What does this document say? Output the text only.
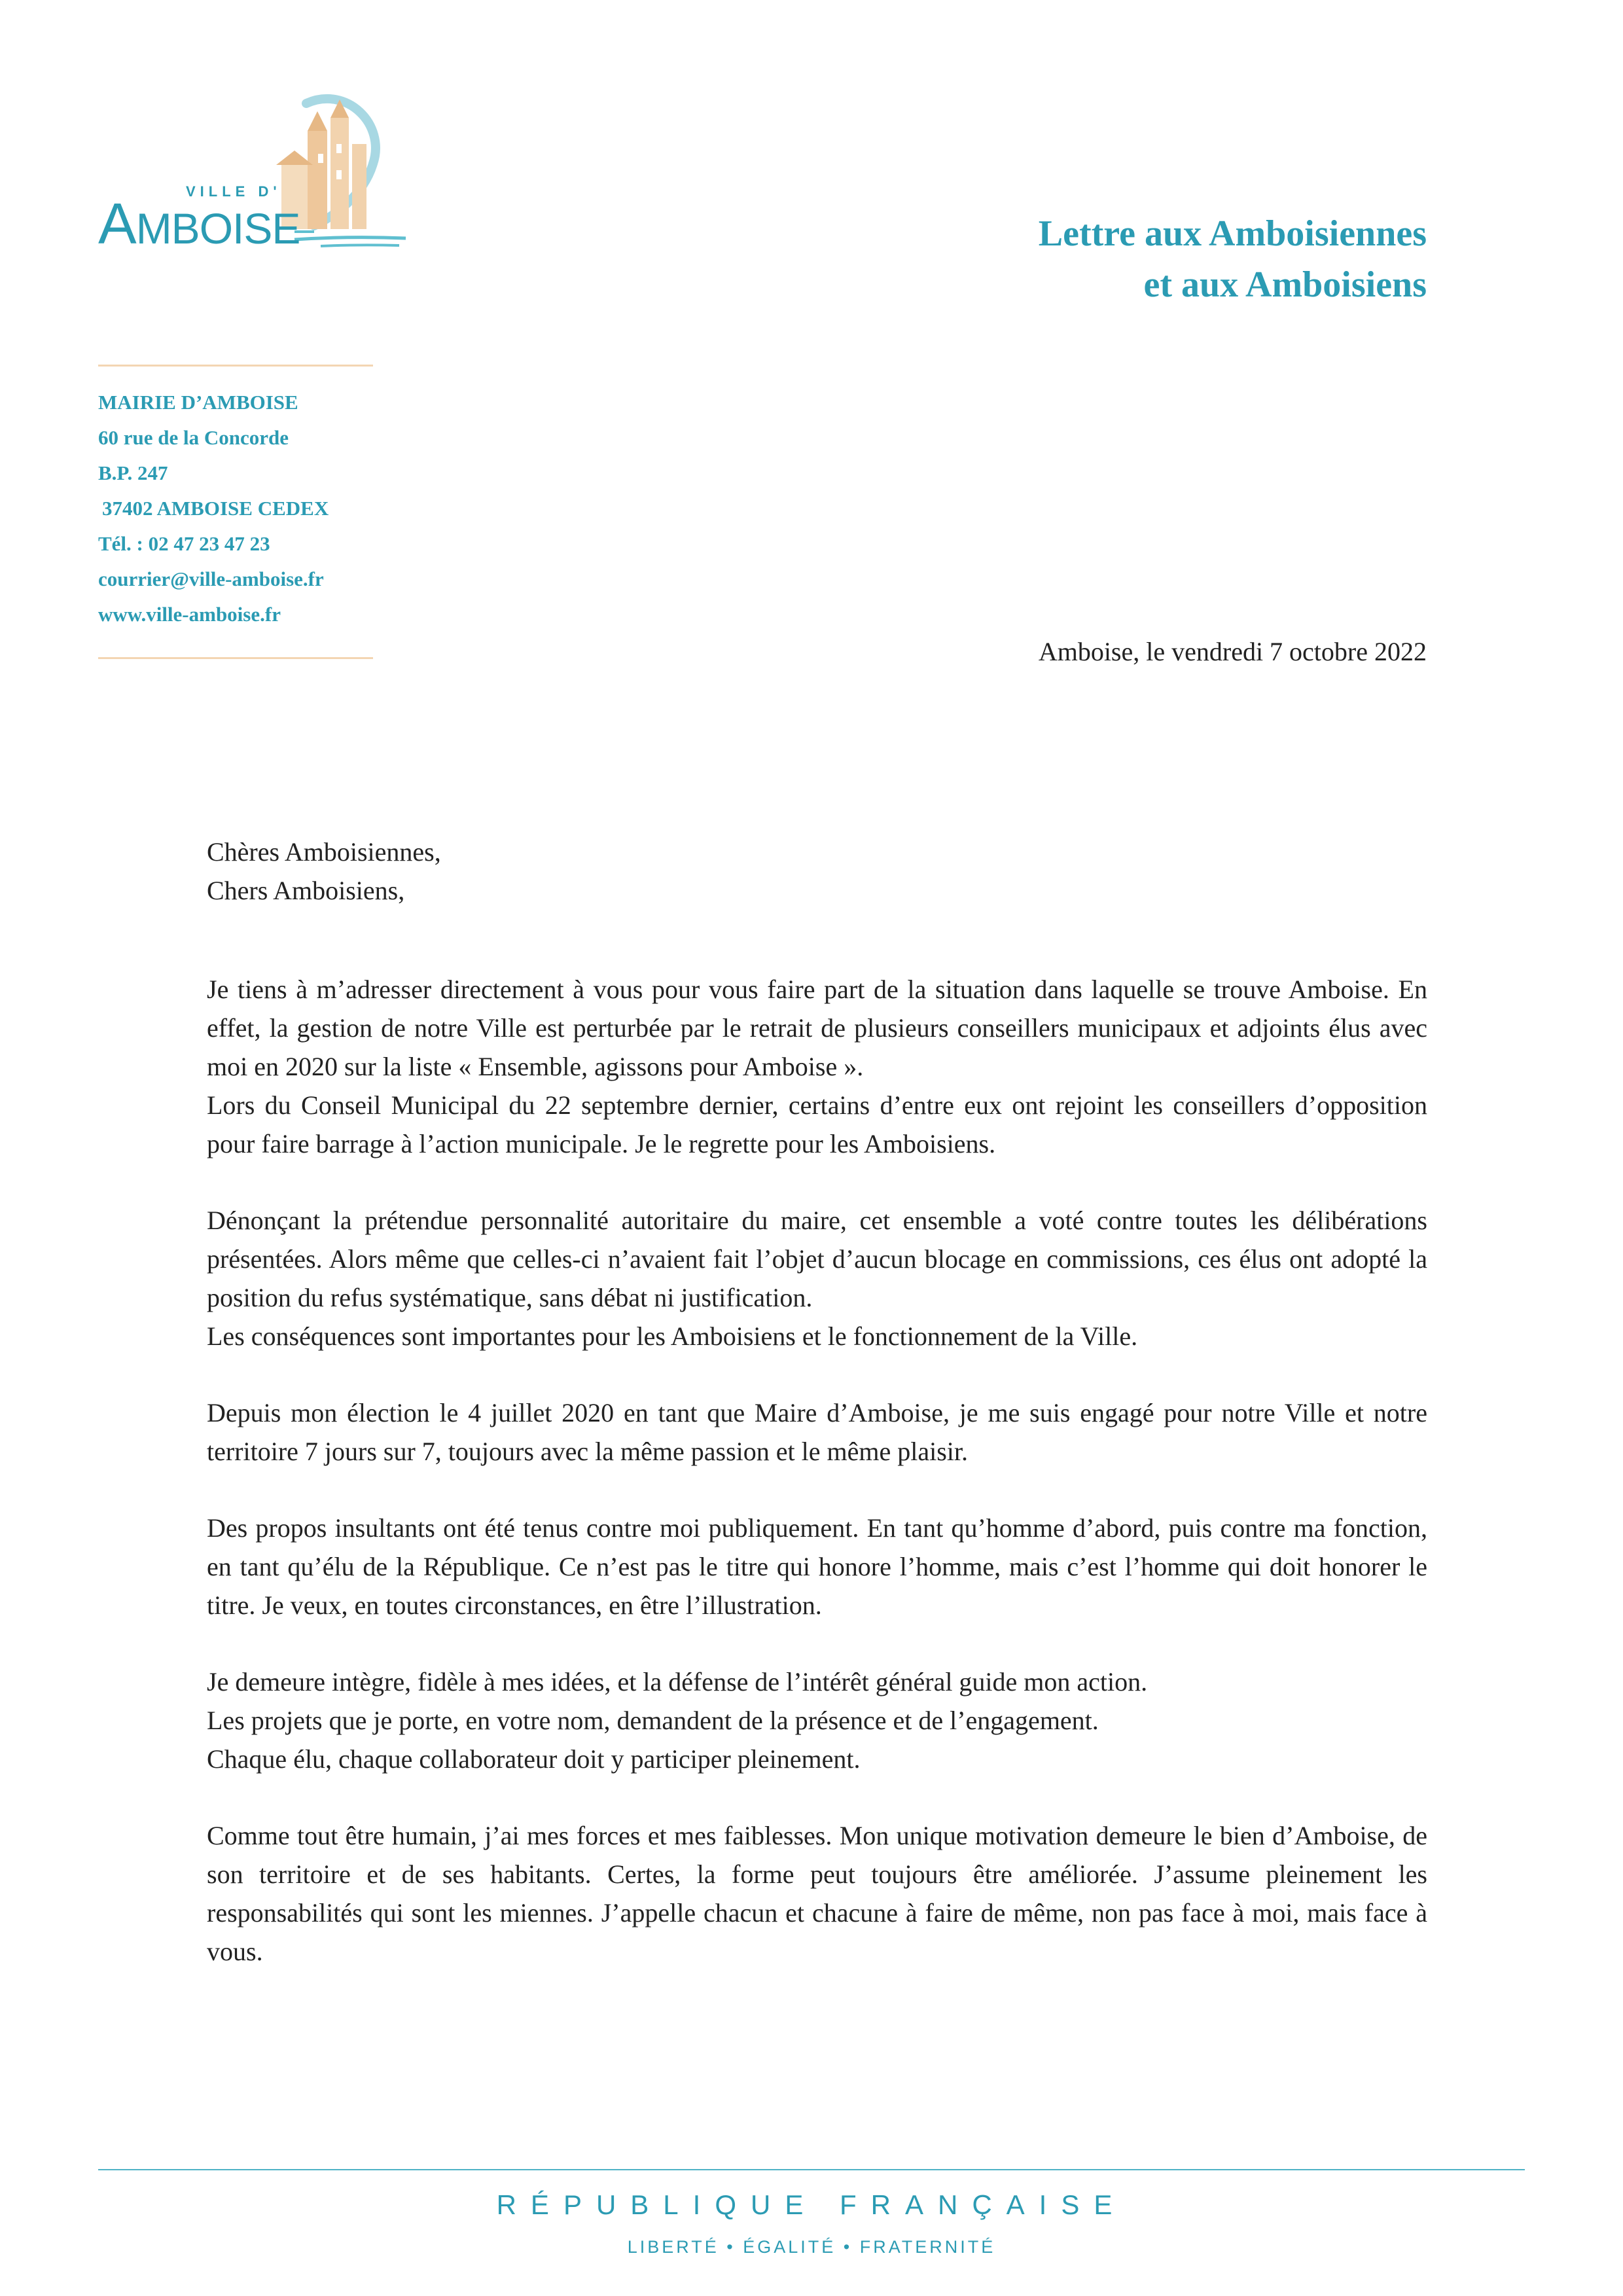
VILLE D'
AMBOISE	Lettre aux Amboisiennes
et aux Amboisiens
MAIRIE D’AMBOISE
60 rue de la Concorde
B.P. 247
37402 AMBOISE CEDEX
Tél. : 02 47 23 47 23
courrier@ville-amboise.fr
www.ville-amboise.fr
Amboise, le vendredi 7 octobre 2022
Chères Amboisiennes,
Chers Amboisiens,

Je tiens à m’adresser directement à vous pour vous faire part de la situation dans laquelle se trouve Amboise. En effet, la gestion de notre Ville est perturbée par le retrait de plusieurs conseillers municipaux et adjoints élus avec moi en 2020 sur la liste « Ensemble, agissons pour Amboise ».
Lors du Conseil Municipal du 22 septembre dernier, certains d’entre eux ont rejoint les conseillers d’opposition pour faire barrage à l’action municipale. Je le regrette pour les Amboisiens.

Dénonçant la prétendue personnalité autoritaire du maire, cet ensemble a voté contre toutes les délibérations présentées. Alors même que celles-ci n’avaient fait l’objet d’aucun blocage en commissions, ces élus ont adopté la position du refus systématique, sans débat ni justification.
Les conséquences sont importantes pour les Amboisiens et le fonctionnement de la Ville.

Depuis mon élection le 4 juillet 2020 en tant que Maire d’Amboise, je me suis engagé pour notre Ville et notre territoire 7 jours sur 7, toujours avec la même passion et le même plaisir.

Des propos insultants ont été tenus contre moi publiquement. En tant qu’homme d’abord, puis contre ma fonction, en tant qu’élu de la République. Ce n’est pas le titre qui honore l’homme, mais c’est l’homme qui doit honorer le titre. Je veux, en toutes circonstances, en être l’illustration.

Je demeure intègre, fidèle à mes idées, et la défense de l’intérêt général guide mon action.
Les projets que je porte, en votre nom, demandent de la présence et de l’engagement.
Chaque élu, chaque collaborateur doit y participer pleinement.

Comme tout être humain, j’ai mes forces et mes faiblesses. Mon unique motivation demeure le bien d’Amboise, de son territoire et de ses habitants. Certes, la forme peut toujours être améliorée. J’assume pleinement les responsabilités qui sont les miennes. J’appelle chacun et chacune à faire de même, non pas face à moi, mais face à vous.

RÉPUBLIQUE FRANÇAISE
LIBERTÉ • ÉGALITÉ • FRATERNITÉ
